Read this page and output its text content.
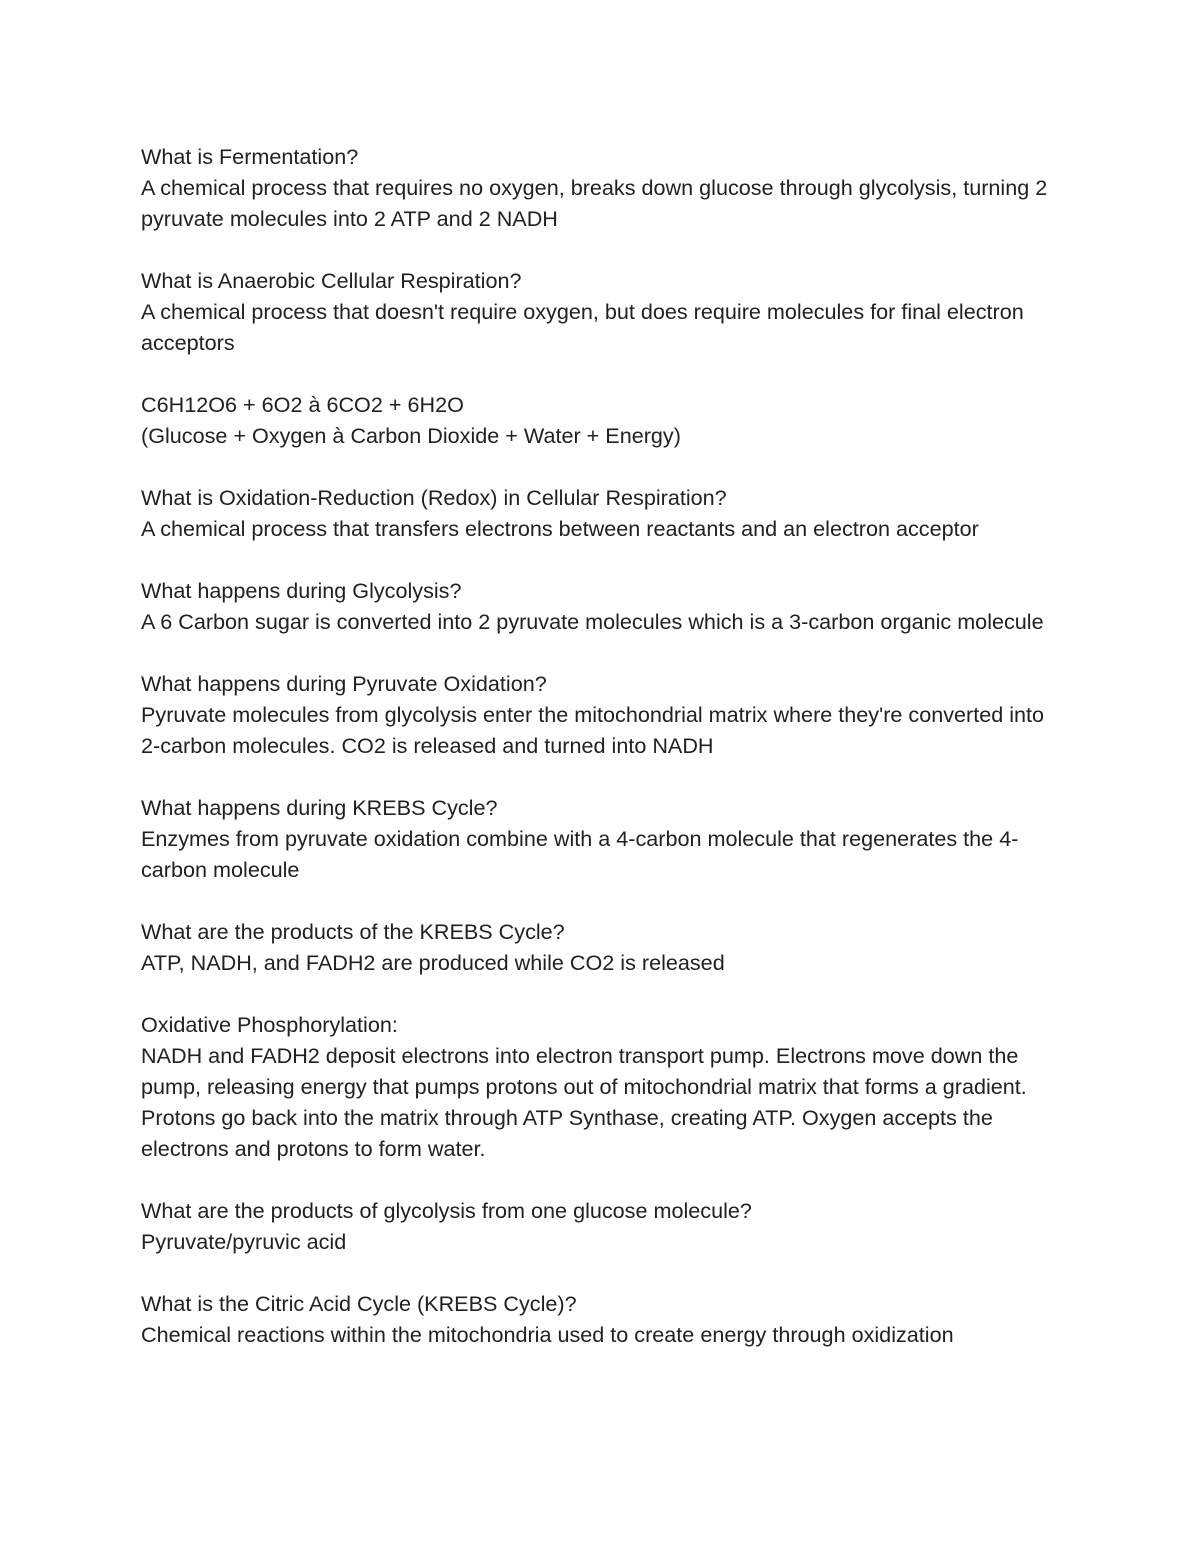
What is Fermentation?
A chemical process that requires no oxygen, breaks down glucose through glycolysis, turning 2 pyruvate molecules into 2 ATP and 2 NADH
What is Anaerobic Cellular Respiration?
A chemical process that doesn't require oxygen, but does require molecules for final electron acceptors
C6H12O6 + 6O2 à 6CO2 + 6H2O
(Glucose + Oxygen à Carbon Dioxide + Water + Energy)
What is Oxidation-Reduction (Redox) in Cellular Respiration?
A chemical process that transfers electrons between reactants and an electron acceptor
What happens during Glycolysis?
A 6 Carbon sugar is converted into 2 pyruvate molecules which is a 3-carbon organic molecule
What happens during Pyruvate Oxidation?
Pyruvate molecules from glycolysis enter the mitochondrial matrix where they're converted into 2-carbon molecules. CO2 is released and turned into NADH
What happens during KREBS Cycle?
Enzymes from pyruvate oxidation combine with a 4-carbon molecule that regenerates the 4-carbon molecule
What are the products of the KREBS Cycle?
ATP, NADH, and FADH2 are produced while CO2 is released
Oxidative Phosphorylation:
NADH and FADH2 deposit electrons into electron transport pump. Electrons move down the pump, releasing energy that pumps protons out of mitochondrial matrix that forms a gradient. Protons go back into the matrix through ATP Synthase, creating ATP. Oxygen accepts the electrons and protons to form water.
What are the products of glycolysis from one glucose molecule?
Pyruvate/pyruvic acid
What is the Citric Acid Cycle (KREBS Cycle)?
Chemical reactions within the mitochondria used to create energy through oxidization
